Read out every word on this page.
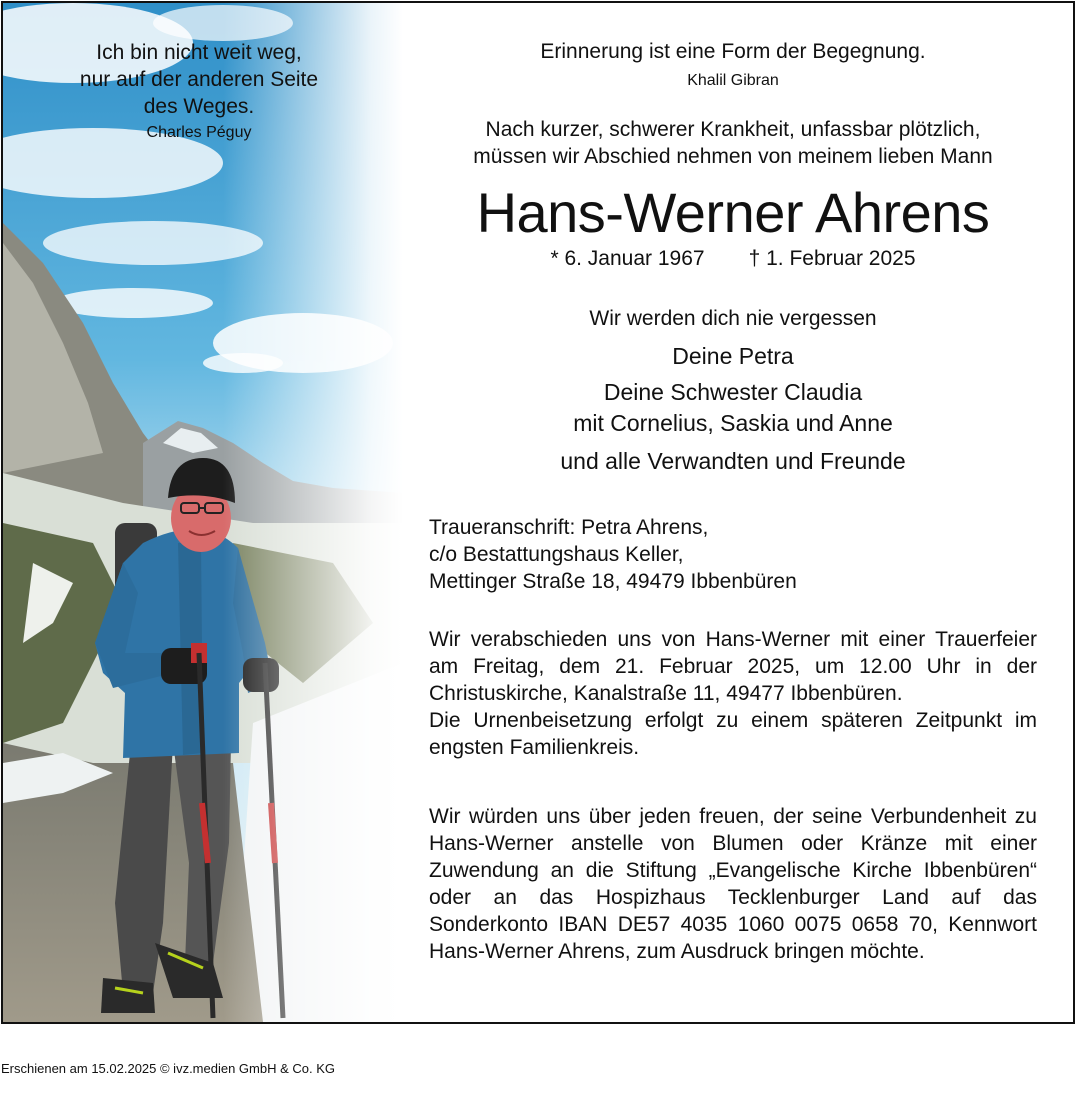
Ich bin nicht weit weg,
nur auf der anderen Seite
des Weges.
Charles Péguy
Erinnerung ist eine Form der Begegnung.
Khalil Gibran
Nach kurzer, schwerer Krankheit, unfassbar plötzlich,
müssen wir Abschied nehmen von meinem lieben Mann
Hans-Werner Ahrens
* 6. Januar 1967 † 1. Februar 2025
Wir werden dich nie vergessen
Deine Petra
Deine Schwester Claudia
mit Cornelius, Saskia und Anne
und alle Verwandten und Freunde
Traueranschrift: Petra Ahrens,
c/o Bestattungshaus Keller,
Mettinger Straße 18, 49479 Ibbenbüren
Wir verabschieden uns von Hans-Werner mit einer Trauerfeier am Freitag, dem 21. Februar 2025, um 12.00 Uhr in der Christuskirche, Kanalstraße 11, 49477 Ibbenbüren.
Die Urnenbeisetzung erfolgt zu einem späteren Zeitpunkt im engsten Familienkreis.
Wir würden uns über jeden freuen, der seine Verbundenheit zu Hans-Werner anstelle von Blumen oder Kränze mit einer Zuwendung an die Stiftung „Evangelische Kirche Ibbenbüren“ oder an das Hospizhaus Tecklenburger Land auf das Sonderkonto IBAN DE57 4035 1060 0075 0658 70, Kennwort Hans-Werner Ahrens, zum Ausdruck bringen möchte.
Erschienen am 15.02.2025 © ivz.medien GmbH & Co. KG
